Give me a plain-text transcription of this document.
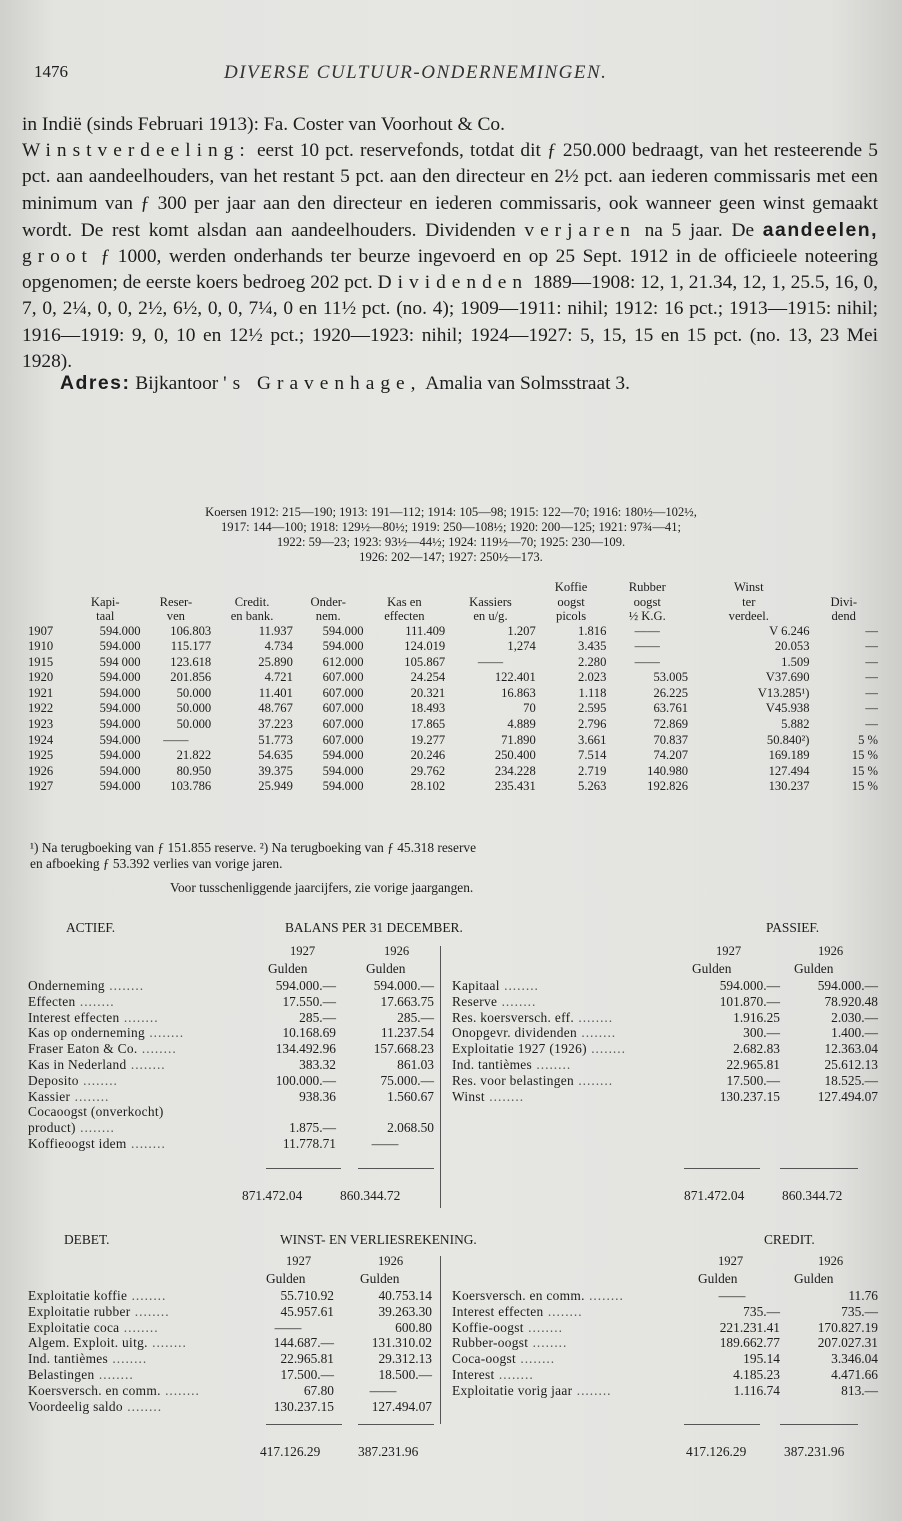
1476	DIVERSE CULTUUR-ONDERNEMINGEN.

in Indië (sinds Februari 1913): Fa. Coster van Voorhout & Co.
Winstverdeeling: eerst 10 pct. reservefonds, totdat dit ƒ 250.000 bedraagt, van het resteerende 5 pct. aan aandeelhouders, van het restant 5 pct. aan den directeur en 2½ pct. aan iederen commissaris met een minimum van ƒ 300 per jaar aan den directeur en iederen commissaris, ook wanneer geen winst gemaakt wordt. De rest komt alsdan aan aandeelhouders. Dividenden verjaren na 5 jaar. De aandeelen, groot ƒ 1000, werden onderhands ter beurze ingevoerd en op 25 Sept. 1912 in de officieele noteering opgenomen; de eerste koers bedroeg 202 pct. Dividenden 1889—1908: 12, 1, 21.34, 12, 1, 25.5, 16, 0, 7, 0, 2¼, 0, 0, 2½, 6½, 0, 0, 7¼, 0 en 11½ pct. (no. 4); 1909—1911: nihil; 1912: 16 pct.; 1913—1915: nihil; 1916—1919: 9, 0, 10 en 12½ pct.; 1920—1923: nihil; 1924—1927: 5, 15, 15 en 15 pct. (no. 13, 23 Mei 1928).

Adres: Bijkantoor 's Gravenhage, Amalia van Solmsstraat 3.
Koersen 1912: 215—190; 1913: 191—112; 1914: 105—98; 1915: 122—70; 1916: 180½—102½,
1917: 144—100; 1918: 129½—80½; 1919: 250—108½; 1920: 200—125; 1921: 97¾—41;
1922: 59—23; 1923: 93½—44½; 1924: 119½—70; 1925: 230—109.
1926: 202—147; 1927: 250½—173.
							Koffie	Rubber	Winst	
	Kapi-	Reser-	Credit.	Onder-	Kas en	Kassiers	oogst	oogst	ter	Divi-
	taal	ven	en bank.	nem.	effecten	en u/g.	picols	½ K.G.	verdeel.	dend
1907	594.000	106.803	11.937	594.000	111.409	1.207	1.816	——	V 6.246	—
1910	594.000	115.177	4.734	594.000	124.019	1,274	3.435	——	20.053	—
1915	594 000	123.618	25.890	612.000	105.867	——	2.280	——	1.509	—
1920	594.000	201.856	4.721	607.000	24.254	122.401	2.023	53.005	V37.690	—
1921	594.000	50.000	11.401	607.000	20.321	16.863	1.118	26.225	V13.285¹)	—
1922	594.000	50.000	48.767	607.000	18.493	70	2.595	63.761	V45.938	—
1923	594.000	50.000	37.223	607.000	17.865	4.889	2.796	72.869	5.882	—
1924	594.000	——	51.773	607.000	19.277	71.890	3.661	70.837	50.840²)	5 %
1925	594.000	21.822	54.635	594.000	20.246	250.400	7.514	74.207	169.189	15 %
1926	594.000	80.950	39.375	594.000	29.762	234.228	2.719	140.980	127.494	15 %
1927	594.000	103.786	25.949	594.000	28.102	235.431	5.263	192.826	130.237	15 %
¹) Na terugboeking van ƒ 151.855 reserve. ²) Na terugboeking van ƒ 45.318 reserve
en afboeking ƒ 53.392 verlies van vorige jaren.
Voor tusschenliggende jaarcijfers, zie vorige jaargangen.
ACTIEF.	BALANS PER 31 DECEMBER.	PASSIEF.
1927	1926
Gulden	Gulden
1927	1926
Gulden	Gulden
Onderneming ........	594.000.—	594.000.—
Effecten ........	17.550.—	17.663.75
Interest effecten ........	285.—	285.—
Kas op onderneming ........	10.168.69	11.237.54
Fraser Eaton & Co. ........	134.492.96	157.668.23
Kas in Nederland ........	383.32	861.03
Deposito ........	100.000.—	75.000.—
Kassier ........	938.36	1.560.67
Cocaoogst (onverkocht)		
product) ........	1.875.—	2.068.50
Koffieoogst idem ........	11.778.71	——
Kapitaal ........	594.000.—	594.000.—
Reserve ........	101.870.—	78.920.48
Res. koersversch. eff. ........	1.916.25	2.030.—
Onopgevr. dividenden ........	300.—	1.400.—
Exploitatie 1927 (1926) ........	2.682.83	12.363.04
Ind. tantièmes ........	22.965.81	25.612.13
Res. voor belastingen ........	17.500.—	18.525.—
Winst ........	130.237.15	127.494.07
871.472.04	860.344.72	871.472.04	860.344.72
DEBET.	WINST- EN VERLIESREKENING.	CREDIT.
1927	1926
Gulden	Gulden
1927	1926
Gulden	Gulden
Exploitatie koffie ........	55.710.92	40.753.14
Exploitatie rubber ........	45.957.61	39.263.30
Exploitatie coca ........	——	600.80
Algem. Exploit. uitg. ........	144.687.—	131.310.02
Ind. tantièmes ........	22.965.81	29.312.13
Belastingen ........	17.500.—	18.500.—
Koersversch. en comm. ........	67.80	——
Voordeelig saldo ........	130.237.15	127.494.07
Koersversch. en comm. ........	——	11.76
Interest effecten ........	735.—	735.—
Koffie-oogst ........	221.231.41	170.827.19
Rubber-oogst ........	189.662.77	207.027.31
Coca-oogst ........	195.14	3.346.04
Interest ........	4.185.23	4.471.66
Exploitatie vorig jaar ........	1.116.74	813.—
417.126.29	387.231.96	417.126.29	387.231.96
